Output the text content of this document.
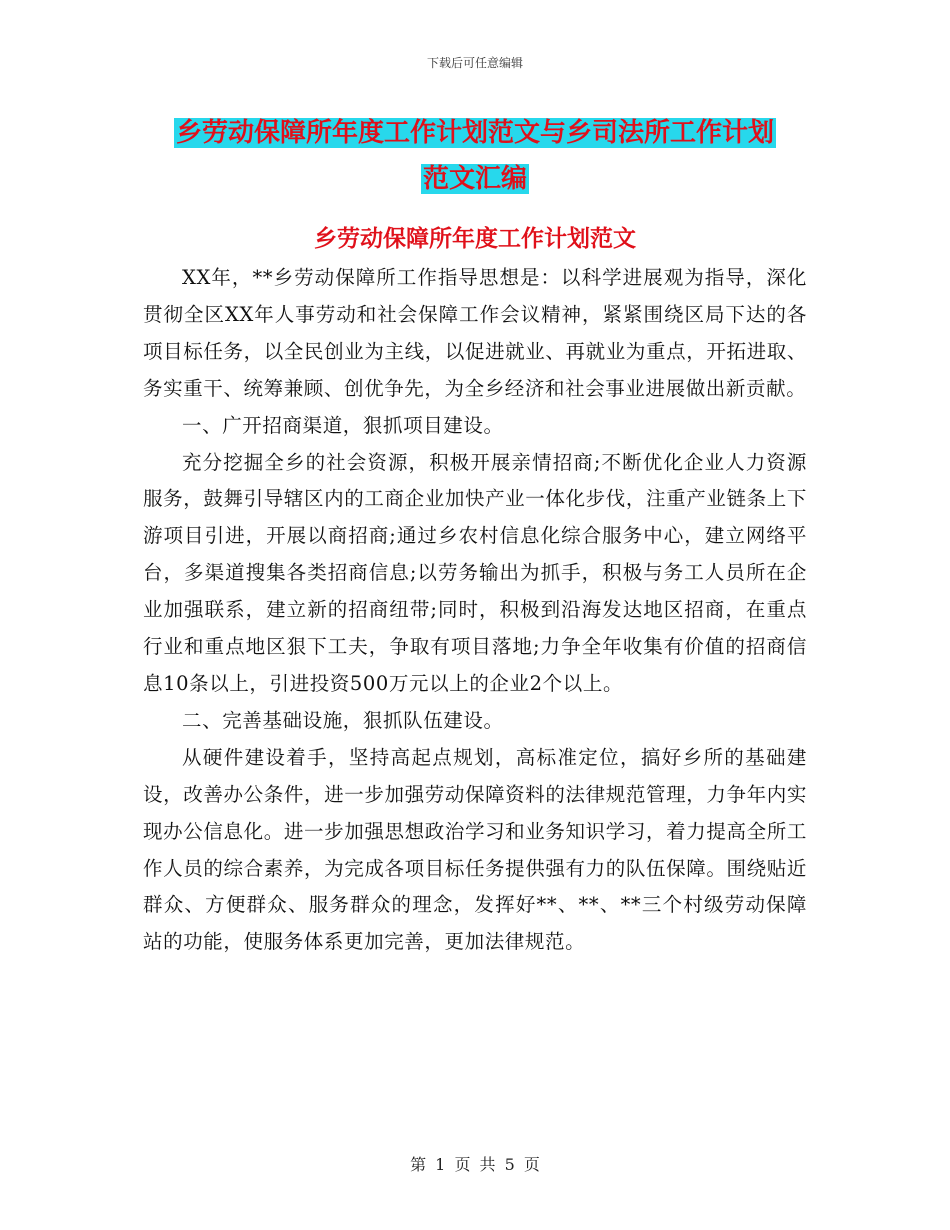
下载后可任意编辑
乡劳动保障所年度工作计划范文与乡司法所工作计划
范文汇编
乡劳动保障所年度工作计划范文

XX年，**乡劳动保障所工作指导思想是：以科学进展观为指导，深化贯彻全区XX年人事劳动和社会保障工作会议精神，紧紧围绕区局下达的各项目标任务，以全民创业为主线，以促进就业、再就业为重点，开拓进取、务实重干、统筹兼顾、创优争先，为全乡经济和社会事业进展做出新贡献。

一、广开招商渠道，狠抓项目建设。

充分挖掘全乡的社会资源，积极开展亲情招商;不断优化企业人力资源服务，鼓舞引导辖区内的工商企业加快产业一体化步伐，注重产业链条上下游项目引进，开展以商招商;通过乡农村信息化综合服务中心，建立网络平台，多渠道搜集各类招商信息;以劳务输出为抓手，积极与务工人员所在企业加强联系，建立新的招商纽带;同时，积极到沿海发达地区招商，在重点行业和重点地区狠下工夫，争取有项目落地;力争全年收集有价值的招商信息10条以上，引进投资500万元以上的企业2个以上。

二、完善基础设施，狠抓队伍建设。

从硬件建设着手，坚持高起点规划，高标准定位，搞好乡所的基础建设，改善办公条件，进一步加强劳动保障资料的法律规范管理，力争年内实现办公信息化。进一步加强思想政治学习和业务知识学习，着力提高全所工作人员的综合素养，为完成各项目标任务提供强有力的队伍保障。围绕贴近群众、方便群众、服务群众的理念，发挥好**、**、**三个村级劳动保障站的功能，使服务体系更加完善，更加法律规范。

第 1 页 共 5 页
